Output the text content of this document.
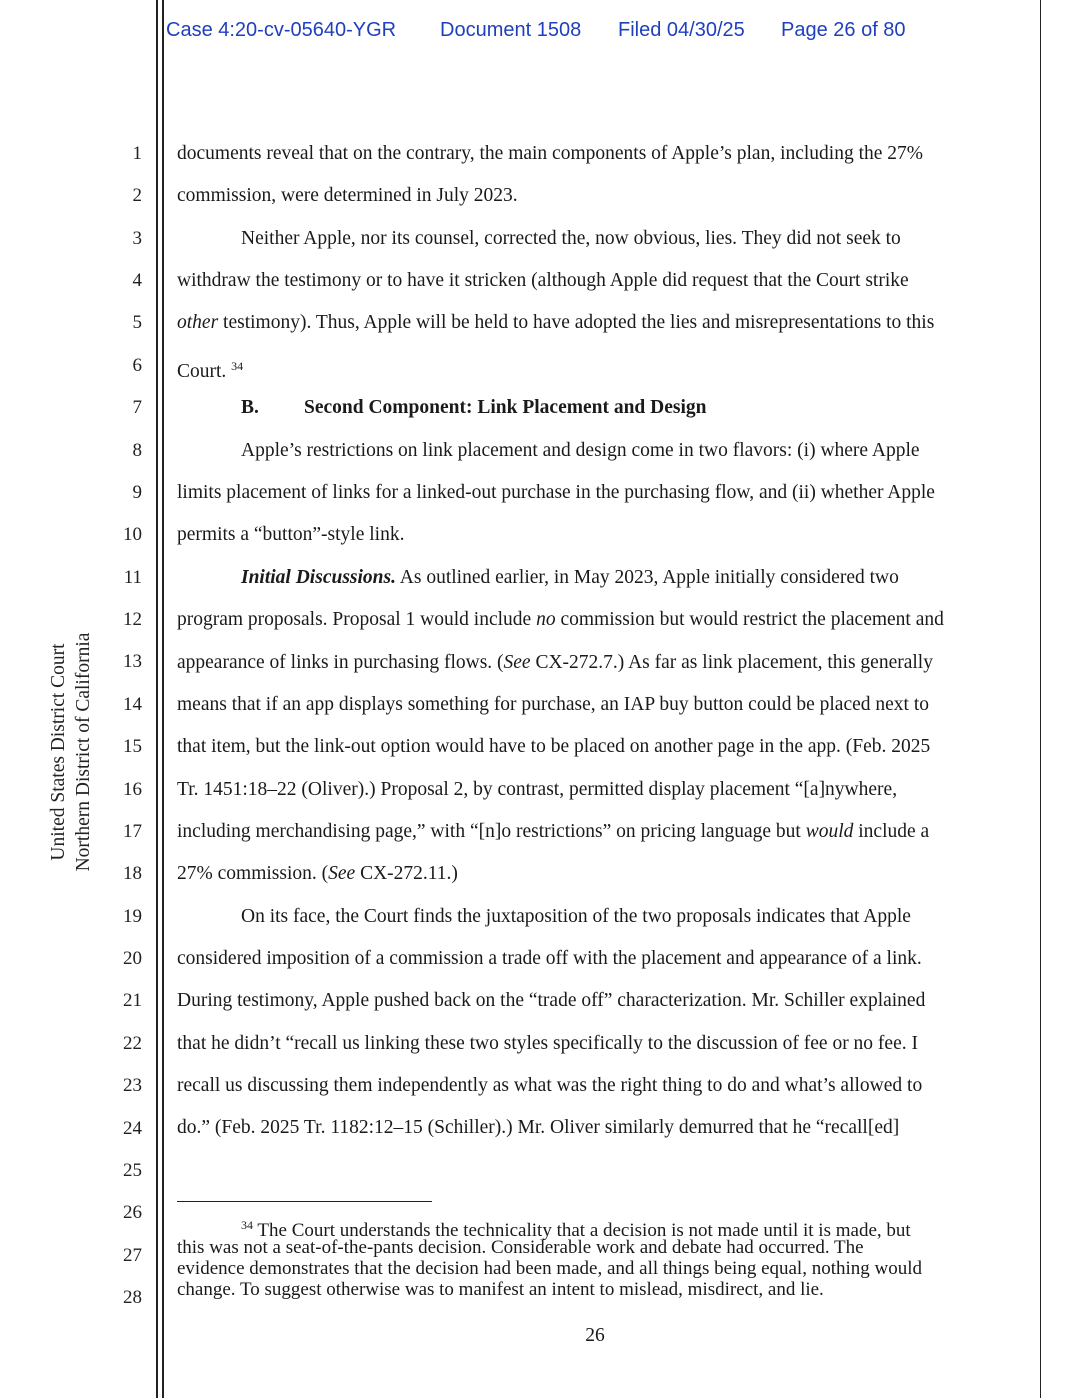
Case 4:20-cv-05640-YGR Document 1508 Filed 04/30/25 Page 26 of 80
United States District Court Northern District of California
1
2
3
4
5
6
7
8
9
10
11
12
13
14
15
16
17
18
19
20
21
22
23
24
25
26
27
28
documents reveal that on the contrary, the main components of Apple’s plan, including the 27%
commission, were determined in July 2023.
Neither Apple, nor its counsel, corrected the, now obvious, lies. They did not seek to
withdraw the testimony or to have it stricken (although Apple did request that the Court strike
other testimony). Thus, Apple will be held to have adopted the lies and misrepresentations to this
Court. $^{34}$
B. Second Component: Link Placement and Design
Apple’s restrictions on link placement and design come in two flavors: (i) where Apple
limits placement of links for a linked-out purchase in the purchasing flow, and (ii) whether Apple
permits a “button”-style link.
Initial Discussions. As outlined earlier, in May 2023, Apple initially considered two
program proposals. Proposal 1 would include no commission but would restrict the placement and
appearance of links in purchasing flows. (See CX-272.7.) As far as link placement, this generally
means that if an app displays something for purchase, an IAP buy button could be placed next to
that item, but the link-out option would have to be placed on another page in the app. (Feb. 2025
Tr. 1451:18–22 (Oliver).) Proposal 2, by contrast, permitted display placement “[a]nywhere,
including merchandising page,” with “[n]o restrictions” on pricing language but would include a
27% commission. (See CX-272.11.)
On its face, the Court finds the juxtaposition of the two proposals indicates that Apple
considered imposition of a commission a trade off with the placement and appearance of a link.
During testimony, Apple pushed back on the “trade off” characterization. Mr. Schiller explained
that he didn’t “recall us linking these two styles specifically to the discussion of fee or no fee. I
recall us discussing them independently as what was the right thing to do and what’s allowed to
do.” (Feb. 2025 Tr. 1182:12–15 (Schiller).) Mr. Oliver similarly demurred that he “recall[ed]
$^{34}$ The Court understands the technicality that a decision is not made until it is made, but
this was not a seat-of-the-pants decision. Considerable work and debate had occurred. The
evidence demonstrates that the decision had been made, and all things being equal, nothing would
change. To suggest otherwise was to manifest an intent to mislead, misdirect, and lie.
26
